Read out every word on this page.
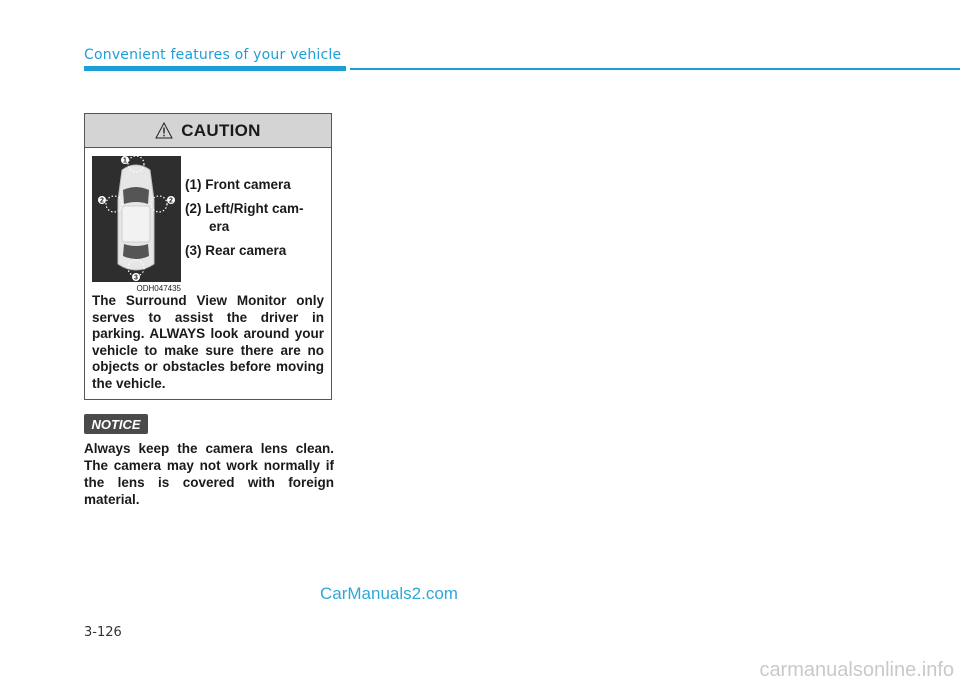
Convenient features of your vehicle
CAUTION
1
2	2
3
ODH047435
(1) Front camera
(2) Left/Right cam-
era
(3) Rear camera
The Surround View Monitor only serves to assist the driver in parking. ALWAYS look around your vehicle to make sure there are no objects or obstacles before moving the vehicle.
NOTICE
Always keep the camera lens clean. The camera may not work normally if the lens is covered with foreign material.
CarManuals2.com
3-126
carmanualsonline.info
